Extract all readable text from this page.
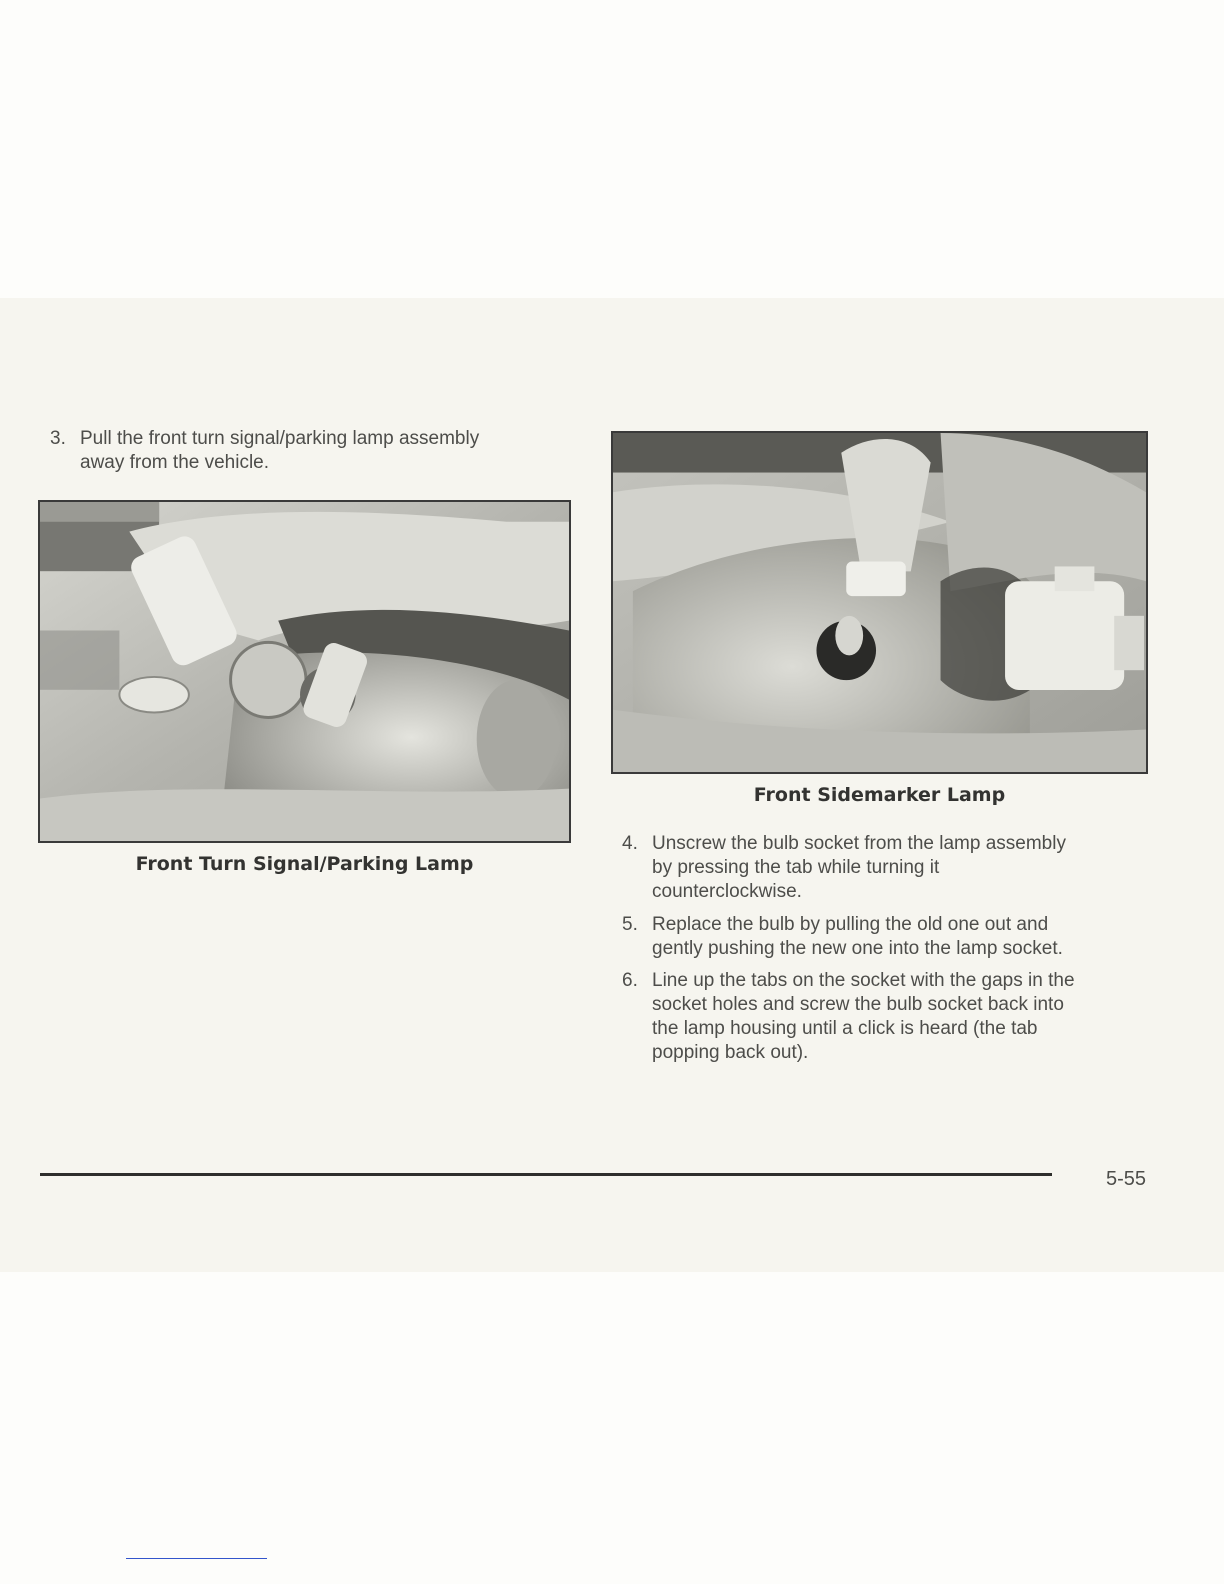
3. Pull the front turn signal/parking lamp assembly
away from the vehicle.
Front Turn Signal/Parking Lamp
Front Sidemarker Lamp
4. Unscrew the bulb socket from the lamp assembly
by pressing the tab while turning it
counterclockwise.
5. Replace the bulb by pulling the old one out and
gently pushing the new one into the lamp socket.
6. Line up the tabs on the socket with the gaps in the
socket holes and screw the bulb socket back into
the lamp housing until a click is heard (the tab
popping back out).
5-55
